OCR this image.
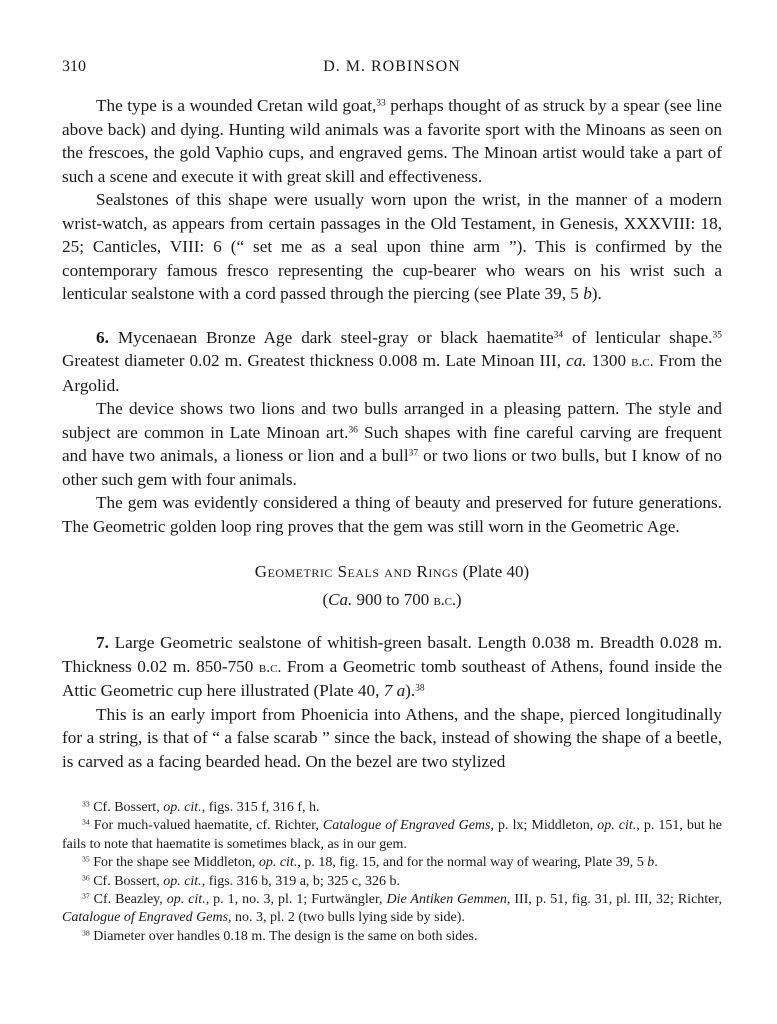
310	D. M. ROBINSON

The type is a wounded Cretan wild goat,$^{33}$ perhaps thought of as struck by a spear (see line above back) and dying. Hunting wild animals was a favorite sport with the Minoans as seen on the frescoes, the gold Vaphio cups, and engraved gems. The Minoan artist would take a part of such a scene and execute it with great skill and effectiveness.

Sealstones of this shape were usually worn upon the wrist, in the manner of a modern wrist-watch, as appears from certain passages in the Old Testament, in Genesis, XXXVIII: 18, 25; Canticles, VIII: 6 (“ set me as a seal upon thine arm ”). This is confirmed by the contemporary famous fresco representing the cup-bearer who wears on his wrist such a lenticular sealstone with a cord passed through the piercing (see Plate 39, 5 b).

6. Mycenaean Bronze Age dark steel-gray or black haematite$^{34}$ of lenticular shape.$^{35}$ Greatest diameter 0.02 m. Greatest thickness 0.008 m. Late Minoan III, ca. 1300 b.c. From the Argolid.

The device shows two lions and two bulls arranged in a pleasing pattern. The style and subject are common in Late Minoan art.$^{36}$ Such shapes with fine careful carving are frequent and have two animals, a lioness or lion and a bull$^{37}$ or two lions or two bulls, but I know of no other such gem with four animals.

The gem was evidently considered a thing of beauty and preserved for future generations. The Geometric golden loop ring proves that the gem was still worn in the Geometric Age.

Geometric Seals and Rings (Plate 40)
(Ca. 900 to 700 b.c.)

7. Large Geometric sealstone of whitish-green basalt. Length 0.038 m. Breadth 0.028 m. Thickness 0.02 m. 850-750 b.c. From a Geometric tomb southeast of Athens, found inside the Attic Geometric cup here illustrated (Plate 40, 7 a).$^{38}$

This is an early import from Phoenicia into Athens, and the shape, pierced longitudinally for a string, is that of “ a false scarab ” since the back, instead of showing the shape of a beetle, is carved as a facing bearded head. On the bezel are two stylized

$^{33}$ Cf. Bossert, op. cit., figs. 315 f, 316 f, h.

$^{34}$ For much-valued haematite, cf. Richter, Catalogue of Engraved Gems, p. lx; Middleton, op. cit., p. 151, but he fails to note that haematite is sometimes black, as in our gem.

$^{35}$ For the shape see Middleton, op. cit., p. 18, fig. 15, and for the normal way of wearing, Plate 39, 5 b.

$^{36}$ Cf. Bossert, op. cit., figs. 316 b, 319 a, b; 325 c, 326 b.

$^{37}$ Cf. Beazley, op. cit., p. 1, no. 3, pl. 1; Furtwängler, Die Antiken Gemmen, III, p. 51, fig. 31, pl. III, 32; Richter, Catalogue of Engraved Gems, no. 3, pl. 2 (two bulls lying side by side).

$^{38}$ Diameter over handles 0.18 m. The design is the same on both sides.
